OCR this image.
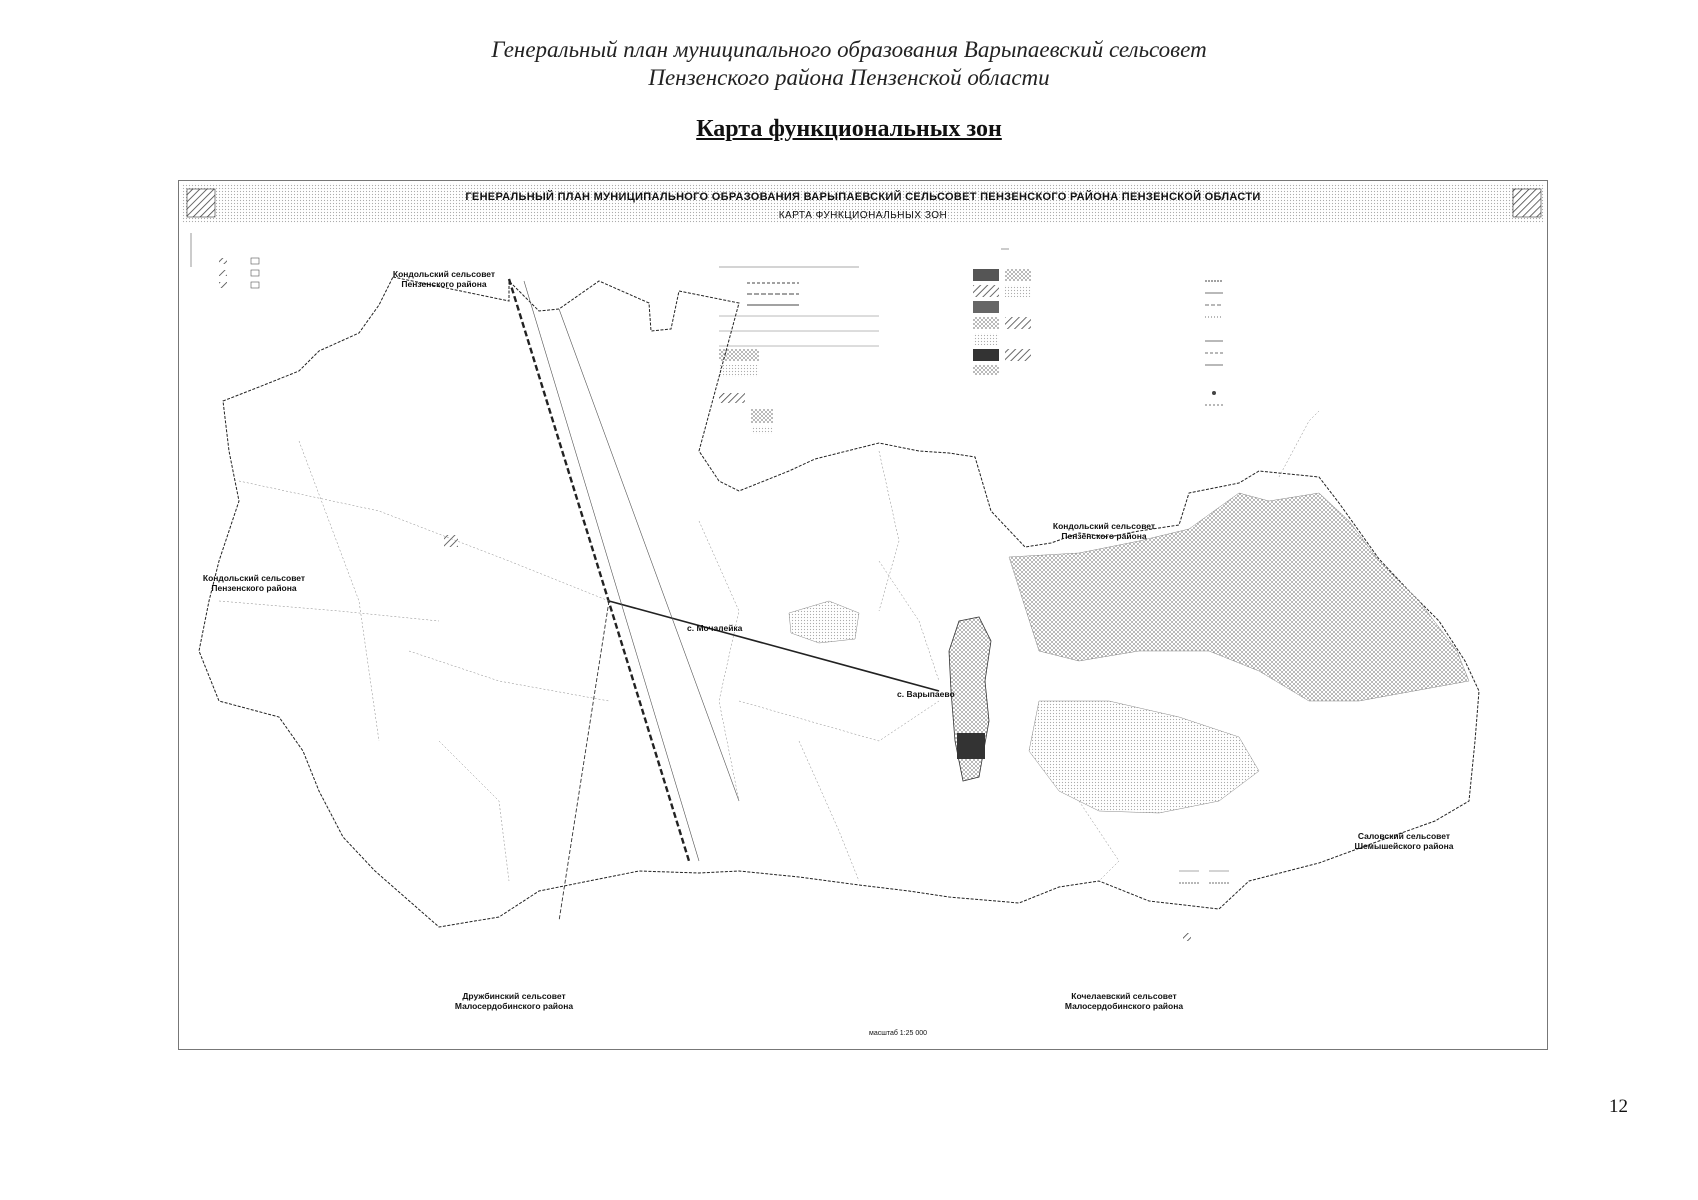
Генеральный план муниципального образования Варыпаевский сельсовет
Пензенского района Пензенской области
Карта функциональных зон
ГЕНЕРАЛЬНЫЙ ПЛАН МУНИЦИПАЛЬНОГО ОБРАЗОВАНИЯ ВАРЫПАЕВСКИЙ СЕЛЬСОВЕТ ПЕНЗЕНСКОГО РАЙОНА ПЕНЗЕНСКОЙ ОБЛАСТИ
КАРТА ФУНКЦИОНАЛЬНЫХ ЗОН
Кондольский сельсовет
Пензенского района
Кондольский сельсовет
Пензенского района
Кондольский сельсовет
Пензенского района
Саловский сельсовет
Шемышейского района
Дружбинский сельсовет
Малосердобинского района
Кочелаевский сельсовет
Малосердобинского района
с. Варыпаево
с. Мочалейка
масштаб 1:25 000
12
